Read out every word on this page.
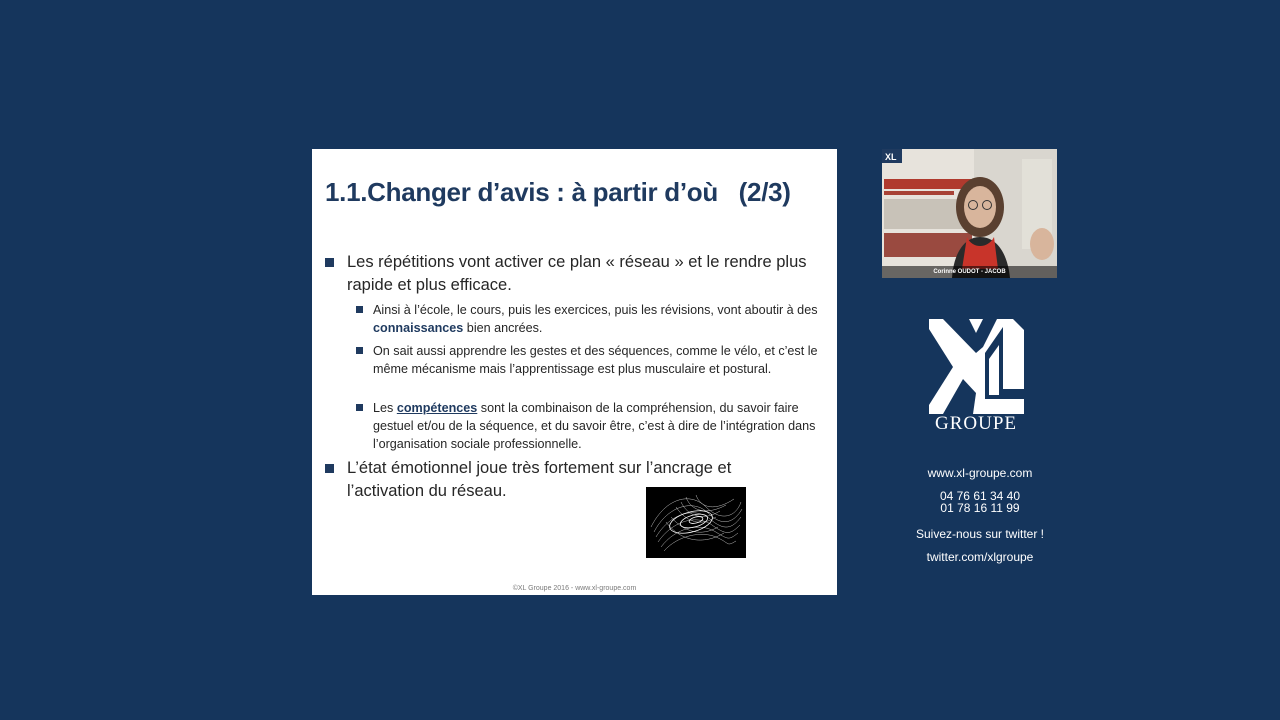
1.1.Changer d’avis : à partir d’où   (2/3)
Les répétitions vont activer ce plan « réseau » et le rendre plus rapide et plus efficace.
Ainsi à l’école, le cours, puis les exercices, puis les révisions, vont aboutir à des connaissances bien ancrées.
On sait aussi apprendre les gestes et des séquences, comme le vélo, et c’est le même mécanisme mais l’apprentissage est plus musculaire et postural.
Les compétences sont la combinaison de la compréhension, du savoir faire gestuel et/ou de la séquence, et du savoir être, c’est à dire de l’intégration dans l’organisation sociale professionnelle.
L’état émotionnel joue très fortement sur l’ancrage et l’activation du réseau.
©XL Groupe 2016 - www.xl-groupe.com
XL
Corinne OUDOT - JACOB
GROUPE
www.xl-groupe.com
04 76 61 34 40
01 78 16 11 99
Suivez-nous sur twitter !
twitter.com/xlgroupe
